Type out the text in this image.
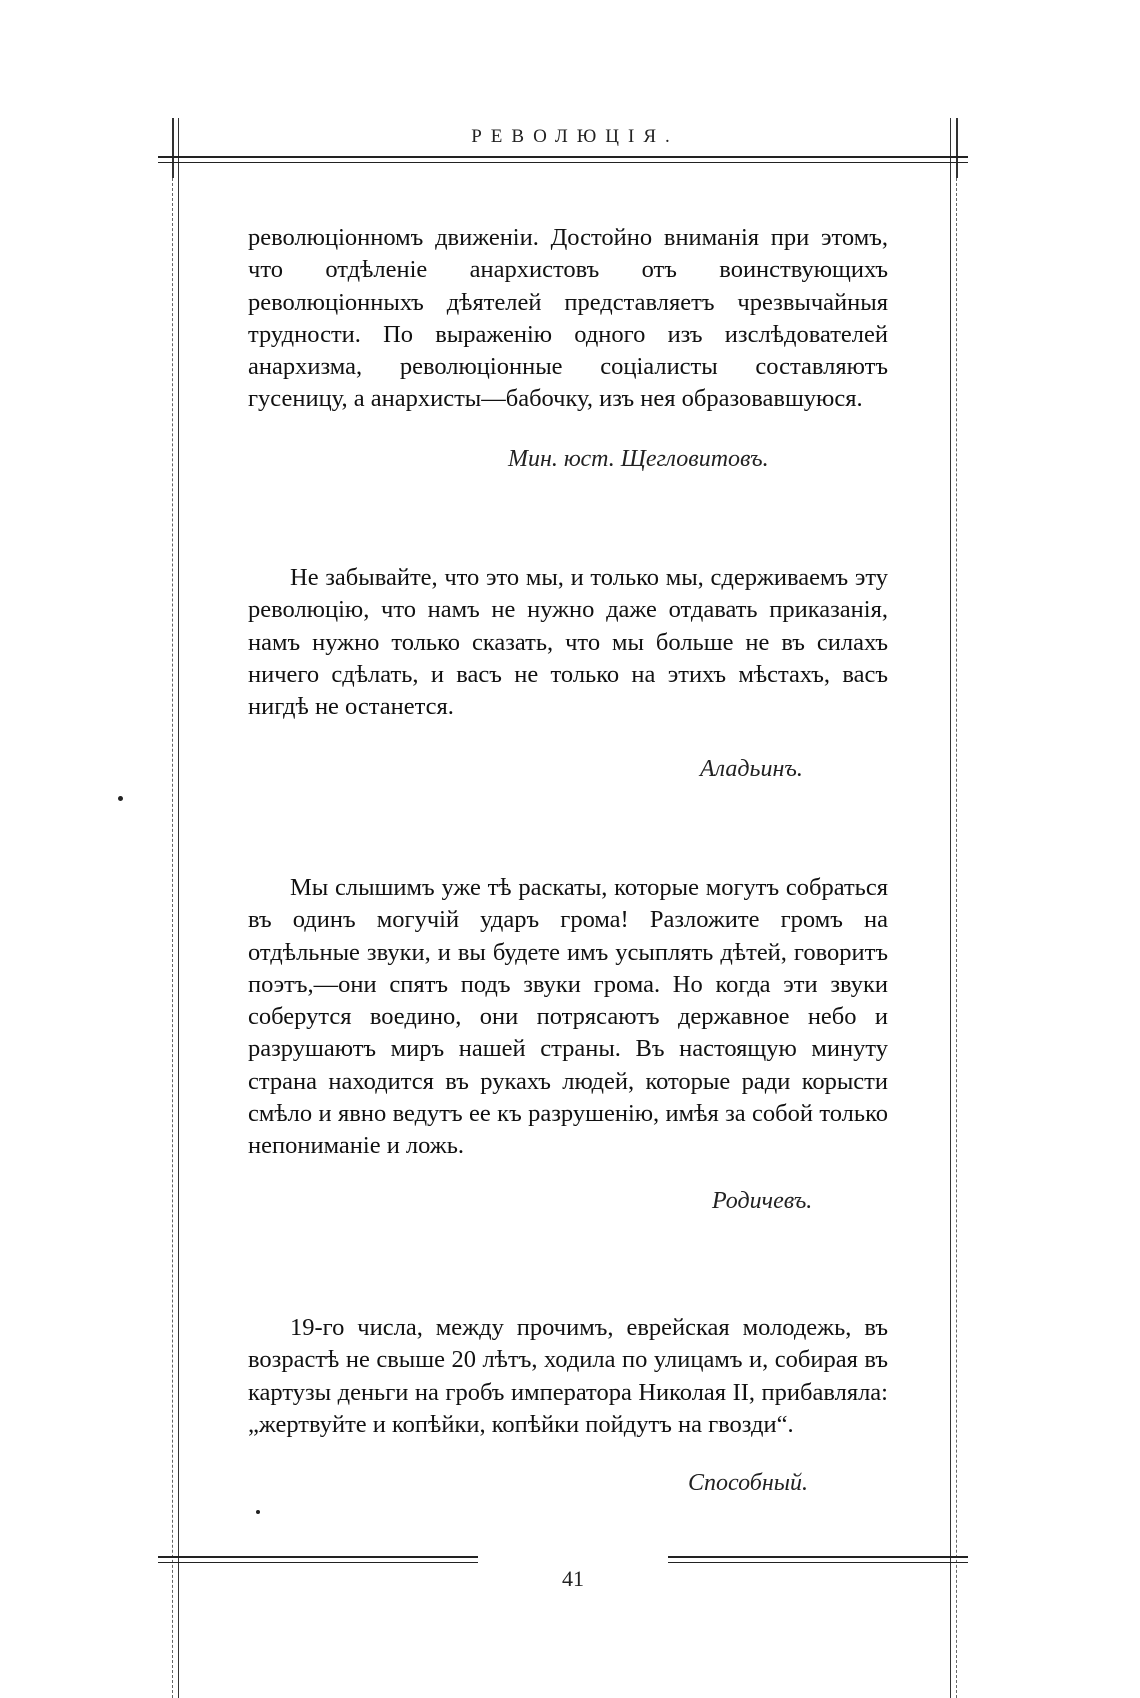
РЕВОЛЮЦІЯ.

революціонномъ движеніи. Достойно вниманія при этомъ, что отдѣленіе анархистовъ отъ воинствующихъ революціонныхъ дѣятелей представляетъ чрезвычайныя трудности. По выраженію одного изъ изслѣдователей анархизма, революціонные соціалисты составляютъ гусеницу, а анархисты—бабочку, изъ нея образовавшуюся.

Мин. юст. Щегловитовъ.

Не забывайте, что это мы, и только мы, сдерживаемъ эту революцію, что намъ не нужно даже отдавать приказанія, намъ нужно только сказать, что мы больше не въ силахъ ничего сдѣлать, и васъ не только на этихъ мѣстахъ, васъ нигдѣ не останется.

Аладьинъ.

Мы слышимъ уже тѣ раскаты, которые могутъ собраться въ одинъ могучій ударъ грома! Разложите громъ на отдѣльные звуки, и вы будете имъ усыплять дѣтей, говоритъ поэтъ,—они спятъ подъ звуки грома. Но когда эти звуки соберутся воедино, они потрясаютъ державное небо и разрушаютъ миръ нашей страны. Въ настоящую минуту страна находится въ рукахъ людей, которые ради корысти смѣло и явно ведутъ ее къ разрушенію, имѣя за собой только непониманіе и ложь.

Родичевъ.

19-го числа, между прочимъ, еврейская молодежь, въ возрастѣ не свыше 20 лѣтъ, ходила по улицамъ и, собирая въ картузы деньги на гробъ императора Николая II, прибавляла: „жертвуйте и копѣйки, копѣйки пойдутъ на гвозди“.

Способный.
41
